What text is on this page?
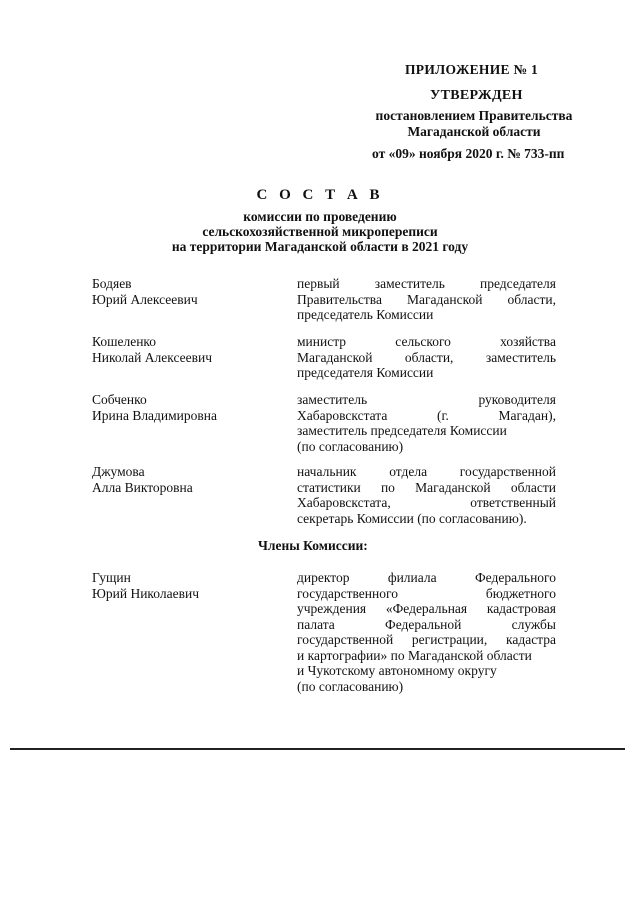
ПРИЛОЖЕНИЕ № 1
УТВЕРЖДЕН
постановлением Правительства
Магаданской области
от «09» ноября 2020 г. № 733-пп
С О С Т А В
комиссии по проведению
сельскохозяйственной микропереписи
на территории Магаданской области в 2021 году
Бодяев
Юрий Алексеевич
первый заместитель председателя
Правительства Магаданской области,
председатель Комиссии
Кошеленко
Николай Алексеевич
министр сельского хозяйства
Магаданской области, заместитель
председателя Комиссии
Собченко
Ирина Владимировна
заместитель руководителя
Хабаровскстата (г. Магадан),
заместитель председателя Комиссии
(по согласованию)
Джумова
Алла Викторовна
начальник отдела государственной
статистики по Магаданской области
Хабаровскстата, ответственный
секретарь Комиссии (по согласованию).
Члены Комиссии:
Гущин
Юрий Николаевич
директор филиала Федерального
государственного бюджетного
учреждения «Федеральная кадастровая
палата Федеральной службы
государственной регистрации, кадастра
и картографии» по Магаданской области
и Чукотскому автономному округу
(по согласованию)
